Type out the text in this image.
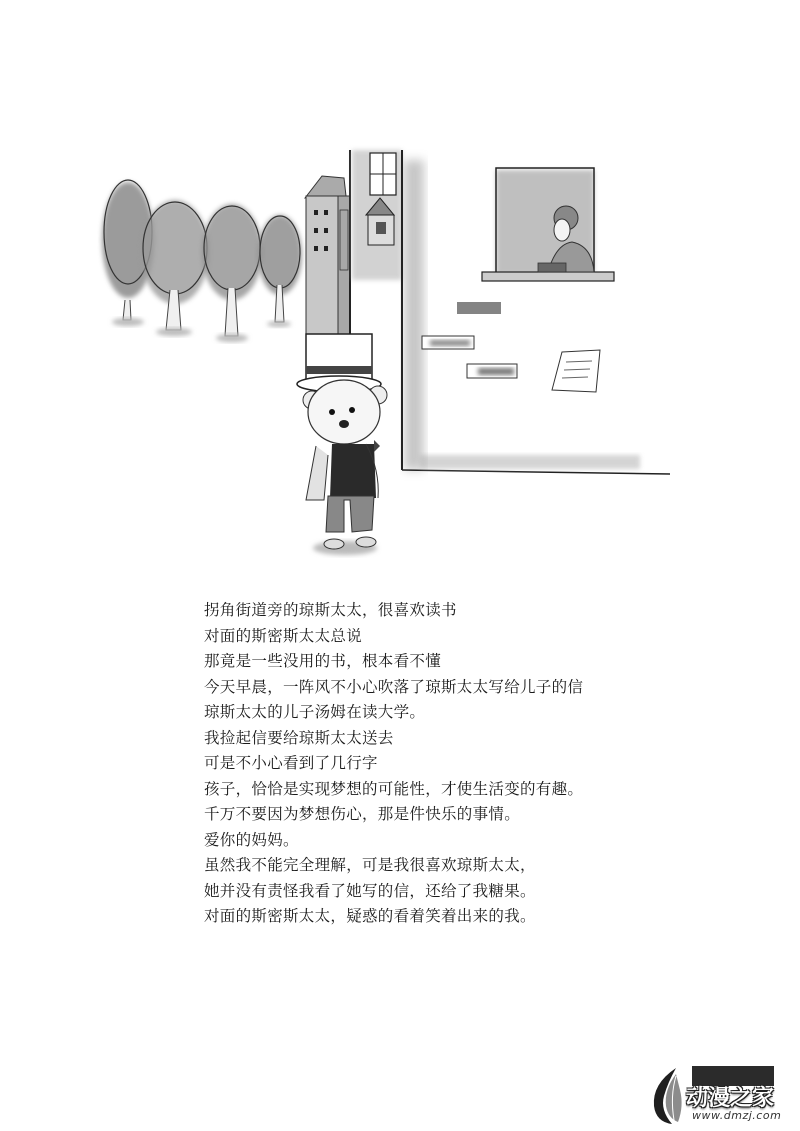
拐角街道旁的琼斯太太，很喜欢读书
对面的斯密斯太太总说
那竟是一些没用的书，根本看不懂
今天早晨，一阵风不小心吹落了琼斯太太写给儿子的信
琼斯太太的儿子汤姆在读大学。
我捡起信要给琼斯太太送去
可是不小心看到了几行字
孩子，恰恰是实现梦想的可能性，才使生活变的有趣。
千万不要因为梦想伤心，那是件快乐的事情。
爱你的妈妈。
虽然我不能完全理解，可是我很喜欢琼斯太太，
她并没有责怪我看了她写的信，还给了我糖果。
对面的斯密斯太太，疑惑的看着笑着出来的我。
动漫之家
www.dmzj.com
